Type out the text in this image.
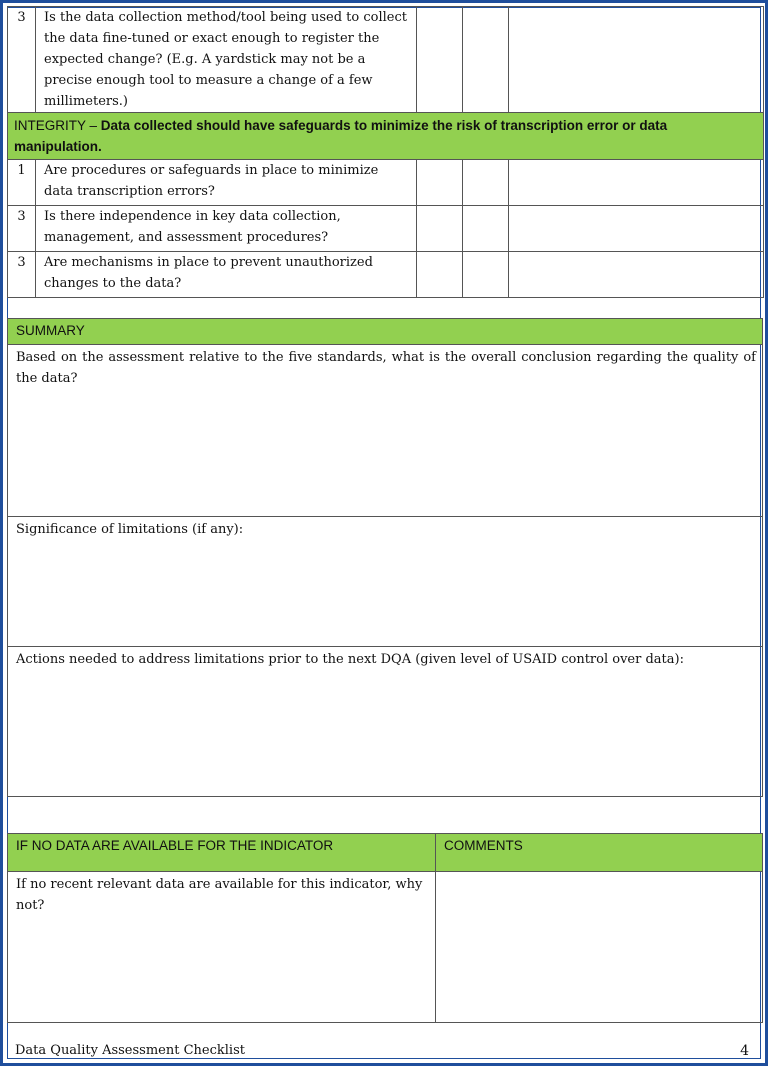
3	Is the data collection method/tool being used to collect the data fine-tuned or exact enough to register the expected change? (E.g. A yardstick may not be a precise enough tool to measure a change of a few millimeters.)			
INTEGRITY – Data collected should have safeguards to minimize the risk of transcription error or data manipulation.				
1	Are procedures or safeguards in place to minimize data transcription errors?			
3	Is there independence in key data collection, management, and assessment procedures?			
3	Are mechanisms in place to prevent unauthorized changes to the data?			
SUMMARY
Based on the assessment relative to the five standards, what is the overall conclusion regarding the quality of the data?
Significance of limitations (if any):
Actions needed to address limitations prior to the next DQA (given level of USAID control over data):
IF NO DATA ARE AVAILABLE FOR THE INDICATOR	COMMENTS
If no recent relevant data are available for this indicator, why not?
Data Quality Assessment Checklist	4
